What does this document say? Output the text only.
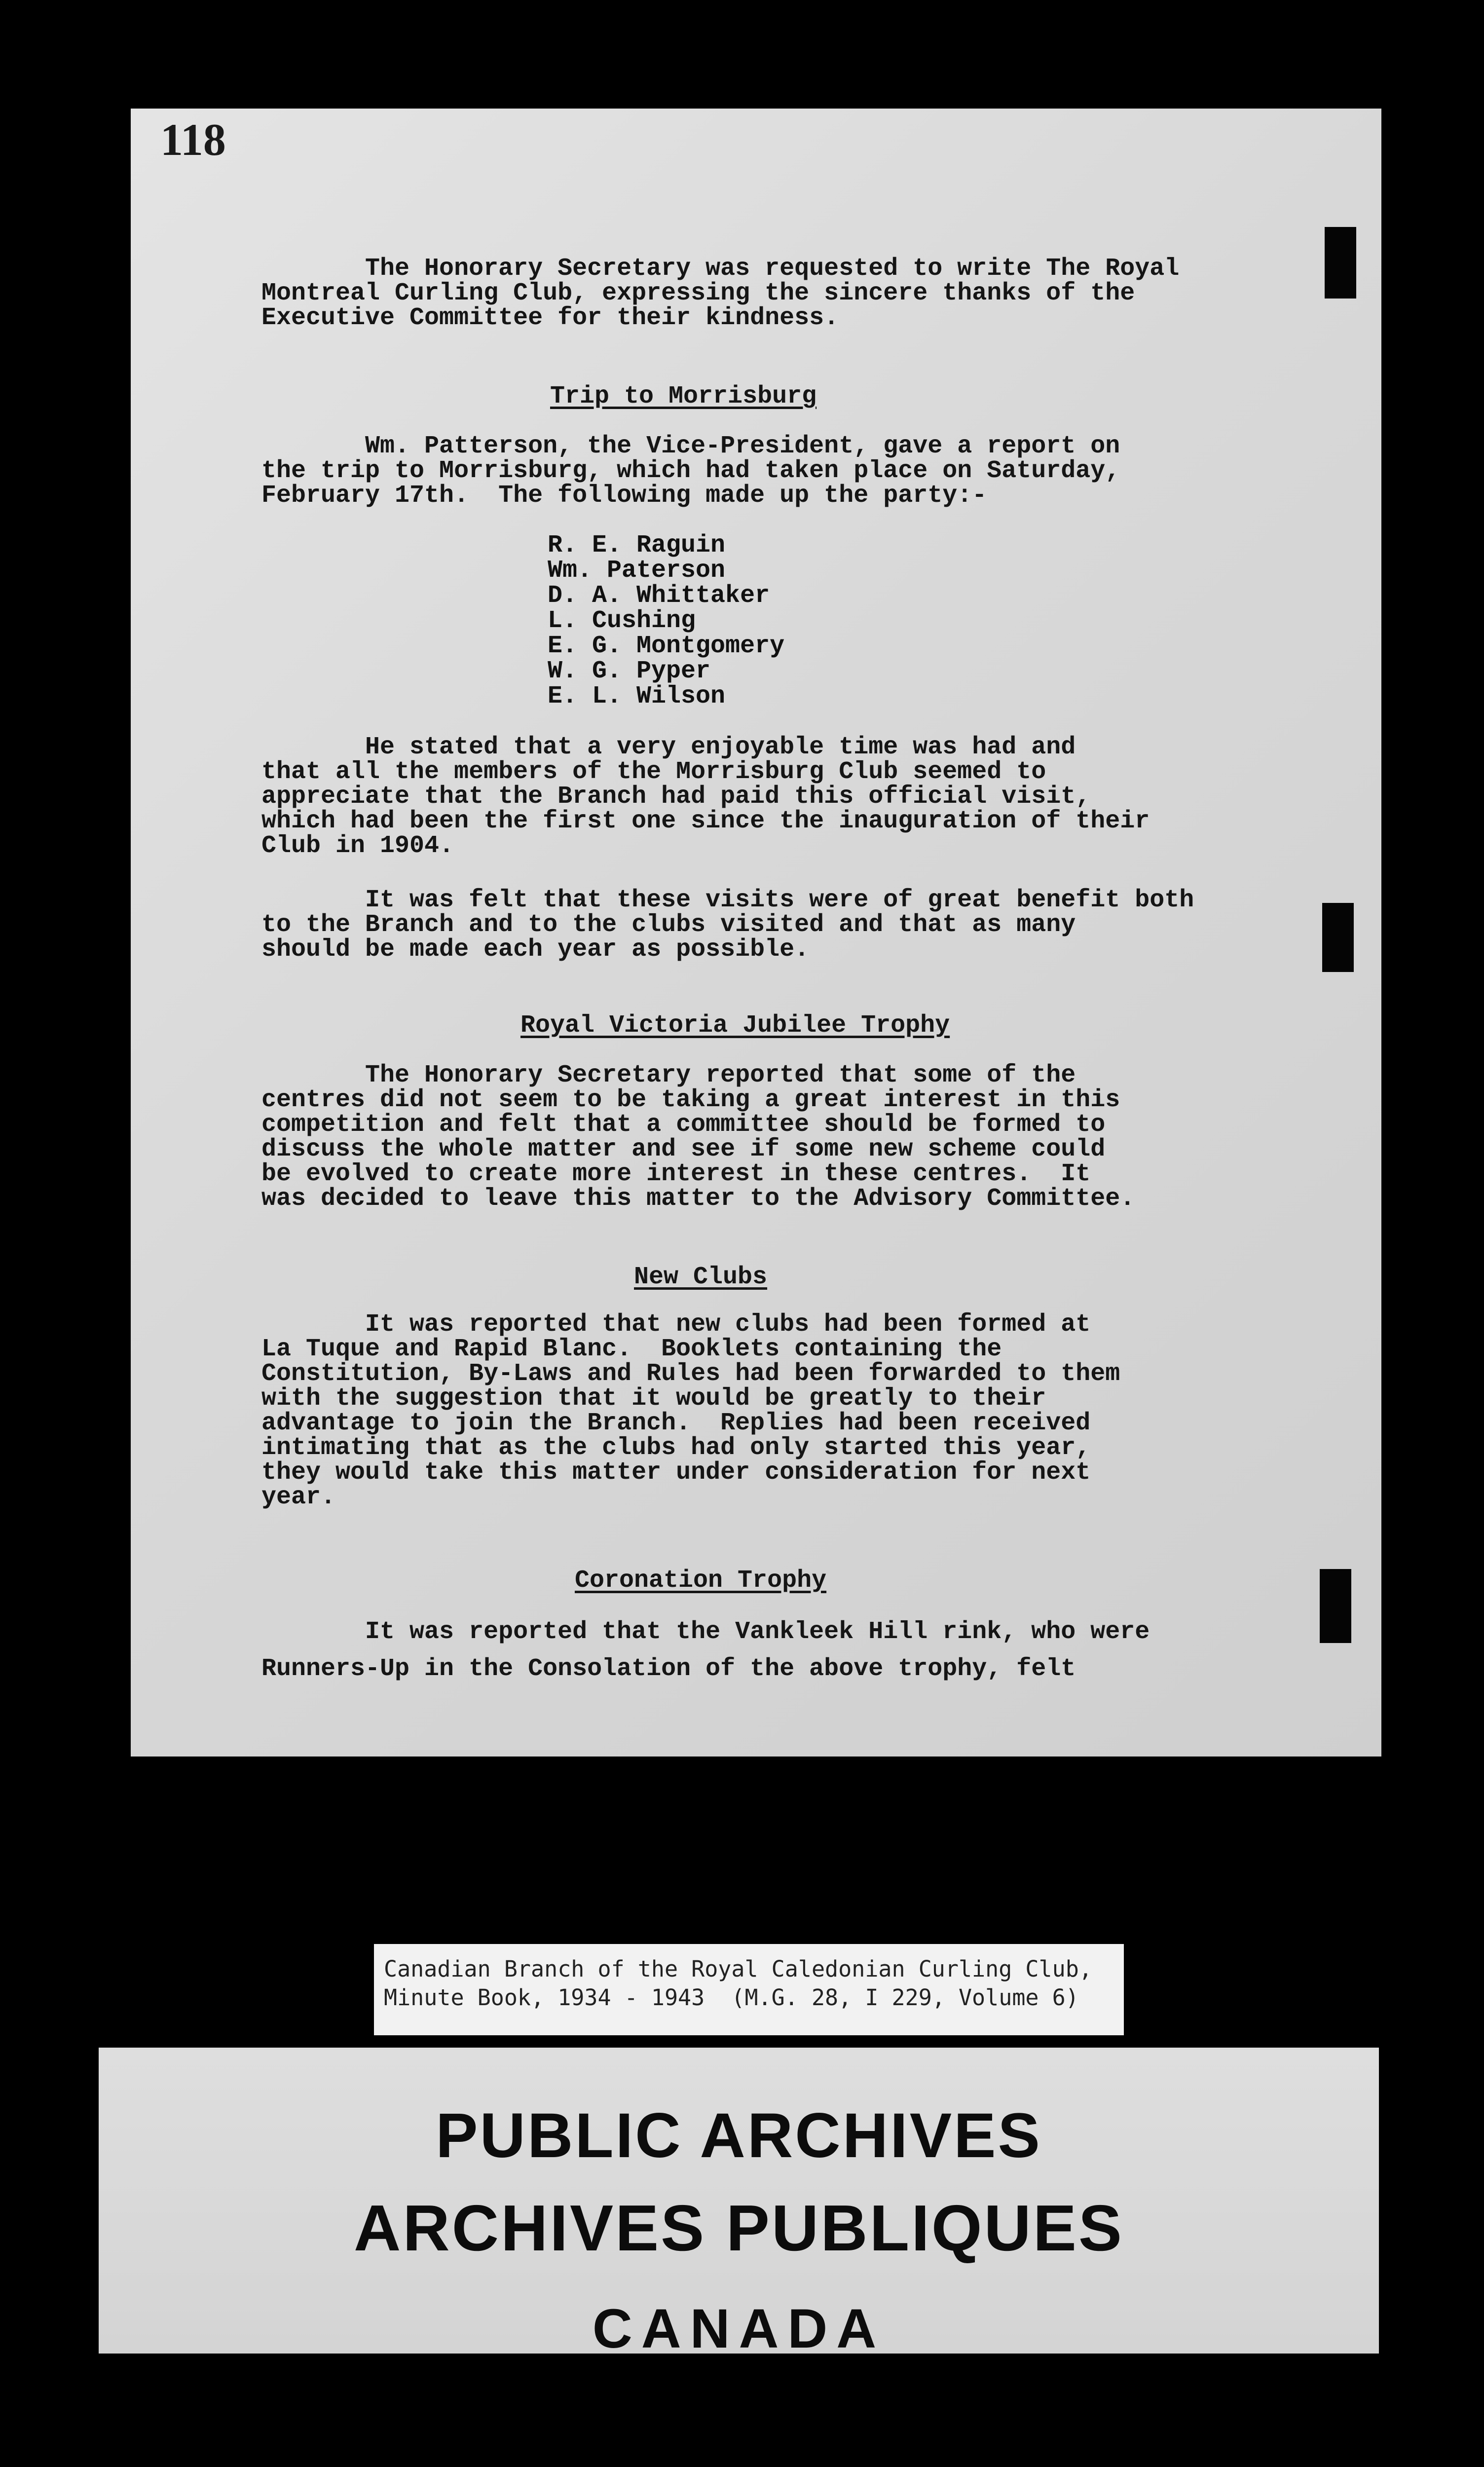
118
The Honorary Secretary was requested to write The Royal
Montreal Curling Club, expressing the sincere thanks of the
Executive Committee for their kindness.
Trip to Morrisburg
Wm. Patterson, the Vice-President, gave a report on
the trip to Morrisburg, which had taken place on Saturday,
February 17th.  The following made up the party:-
R. E. Raguin
Wm. Paterson
D. A. Whittaker
L. Cushing
E. G. Montgomery
W. G. Pyper
E. L. Wilson
He stated that a very enjoyable time was had and
that all the members of the Morrisburg Club seemed to
appreciate that the Branch had paid this official visit,
which had been the first one since the inauguration of their
Club in 1904.
It was felt that these visits were of great benefit both
to the Branch and to the clubs visited and that as many
should be made each year as possible.
Royal Victoria Jubilee Trophy
The Honorary Secretary reported that some of the
centres did not seem to be taking a great interest in this
competition and felt that a committee should be formed to
discuss the whole matter and see if some new scheme could
be evolved to create more interest in these centres.  It
was decided to leave this matter to the Advisory Committee.
New Clubs
It was reported that new clubs had been formed at
La Tuque and Rapid Blanc.  Booklets containing the
Constitution, By-Laws and Rules had been forwarded to them
with the suggestion that it would be greatly to their
advantage to join the Branch.  Replies had been received
intimating that as the clubs had only started this year,
they would take this matter under consideration for next
year.
Coronation Trophy
It was reported that the Vankleek Hill rink, who were
Runners-Up in the Consolation of the above trophy, felt
Canadian Branch of the Royal Caledonian Curling Club,
Minute Book, 1934 - 1943  (M.G. 28, I 229, Volume 6)
PUBLIC ARCHIVES
ARCHIVES PUBLIQUES
CANADA
